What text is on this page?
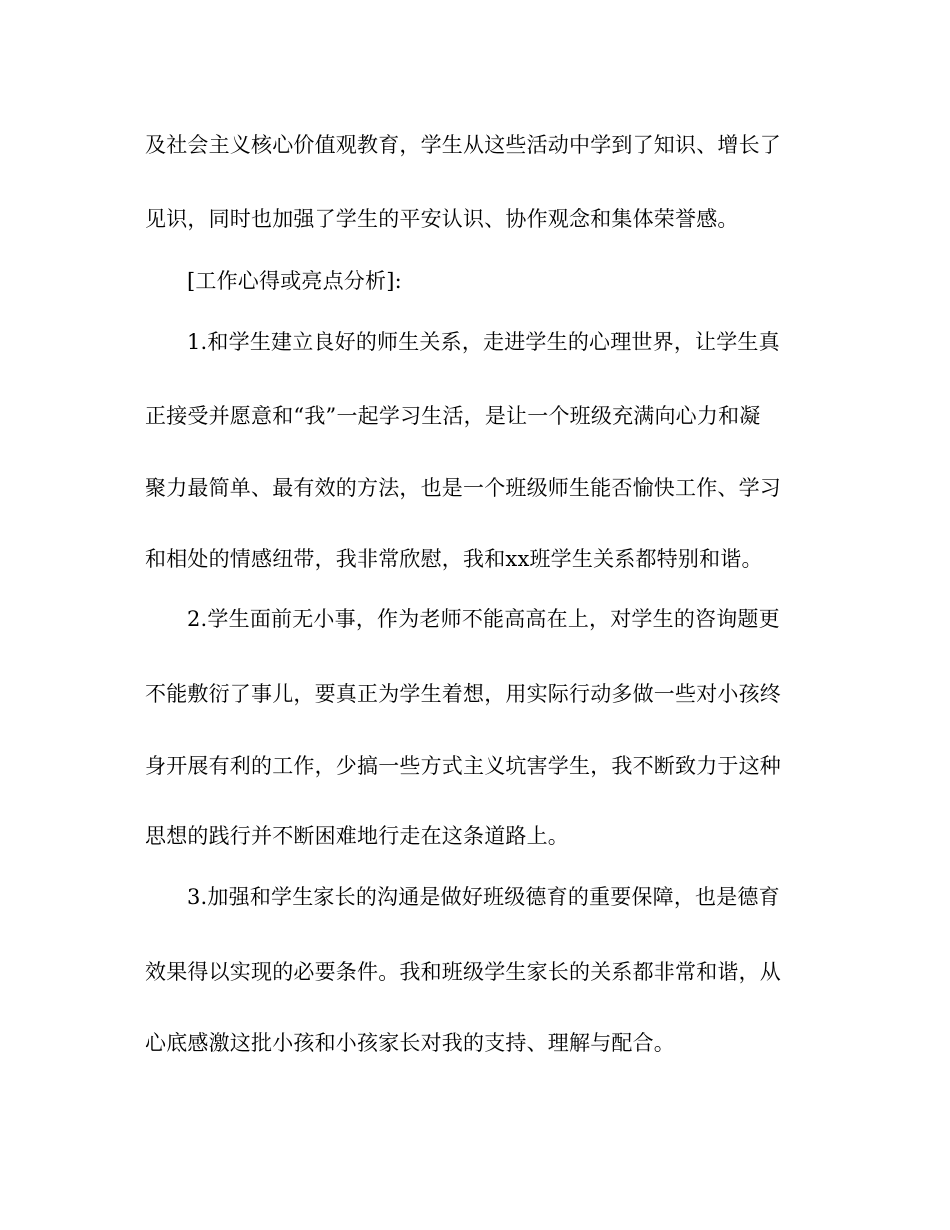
及社会主义核心价值观教育，学生从这些活动中学到了知识、增长了
见识，同时也加强了学生的平安认识、协作观念和集体荣誉感。
[工作心得或亮点分析]:
1.和学生建立良好的师生关系，走进学生的心理世界，让学生真
正接受并愿意和“我”一起学习生活，是让一个班级充满向心力和凝
聚力最简单、最有效的方法，也是一个班级师生能否愉快工作、学习
和相处的情感纽带，我非常欣慰，我和xx班学生关系都特别和谐。
2.学生面前无小事，作为老师不能高高在上，对学生的咨询题更
不能敷衍了事儿，要真正为学生着想，用实际行动多做一些对小孩终
身开展有利的工作，少搞一些方式主义坑害学生，我不断致力于这种
思想的践行并不断困难地行走在这条道路上。
3.加强和学生家长的沟通是做好班级德育的重要保障，也是德育
效果得以实现的必要条件。我和班级学生家长的关系都非常和谐，从
心底感激这批小孩和小孩家长对我的支持、理解与配合。
